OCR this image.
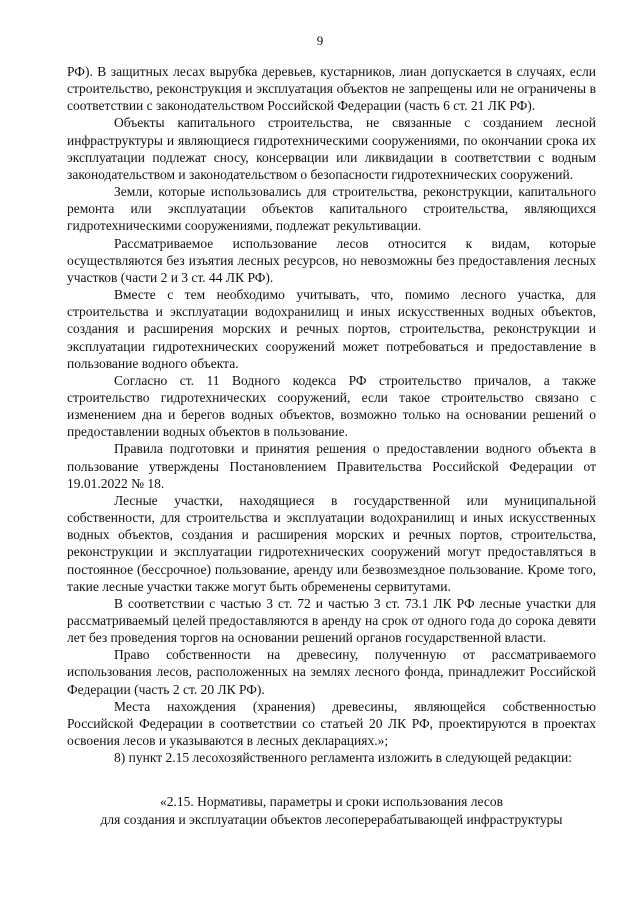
9

РФ). В защитных лесах вырубка деревьев, кустарников, лиан допускается в случаях, если строительство, реконструкция и эксплуатация объектов не запрещены или не ограничены в соответствии с законодательством Российской Федерации (часть 6 ст. 21 ЛК РФ).

Объекты капитального строительства, не связанные с созданием лесной инфраструктуры и являющиеся гидротехническими сооружениями, по окончании срока их эксплуатации подлежат сносу, консервации или ликвидации в соответствии с водным законодательством и законодательством о безопасности гидротехнических сооружений.

Земли, которые использовались для строительства, реконструкции, капитального ремонта или эксплуатации объектов капитального строительства, являющихся гидротехническими сооружениями, подлежат рекультивации.

Рассматриваемое использование лесов относится к видам, которые осуществляются без изъятия лесных ресурсов, но невозможны без предоставления лесных участков (части 2 и 3 ст. 44 ЛК РФ).

Вместе с тем необходимо учитывать, что, помимо лесного участка, для строительства и эксплуатации водохранилищ и иных искусственных водных объектов, создания и расширения морских и речных портов, строительства, реконструкции и эксплуатации гидротехнических сооружений может потребоваться и предоставление в пользование водного объекта.

Согласно ст. 11 Водного кодекса РФ строительство причалов, а также строительство гидротехнических сооружений, если такое строительство связано с изменением дна и берегов водных объектов, возможно только на основании решений о предоставлении водных объектов в пользование.

Правила подготовки и принятия решения о предоставлении водного объекта в пользование утверждены Постановлением Правительства Российской Федерации от 19.01.2022 № 18.

Лесные участки, находящиеся в государственной или муниципальной собственности, для строительства и эксплуатации водохранилищ и иных искусственных водных объектов, создания и расширения морских и речных портов, строительства, реконструкции и эксплуатации гидротехнических сооружений могут предоставляться в постоянное (бессрочное) пользование, аренду или безвозмездное пользование. Кроме того, такие лесные участки также могут быть обременены сервитутами.

В соответствии с частью 3 ст. 72 и частью 3 ст. 73.1 ЛК РФ лесные участки для рассматриваемый целей предоставляются в аренду на срок от одного года до сорока девяти лет без проведения торгов на основании решений органов государственной власти.

Право собственности на древесину, полученную от рассматриваемого использования лесов, расположенных на землях лесного фонда, принадлежит Российской Федерации (часть 2 ст. 20 ЛК РФ).

Места нахождения (хранения) древесины, являющейся собственностью Российской Федерации в соответствии со статьей 20 ЛК РФ, проектируются в проектах освоения лесов и указываются в лесных декларациях.»;

8) пункт 2.15 лесохозяйственного регламента изложить в следующей редакции:

«2.15. Нормативы, параметры и сроки использования лесов
для создания и эксплуатации объектов лесоперерабатывающей инфраструктуры
